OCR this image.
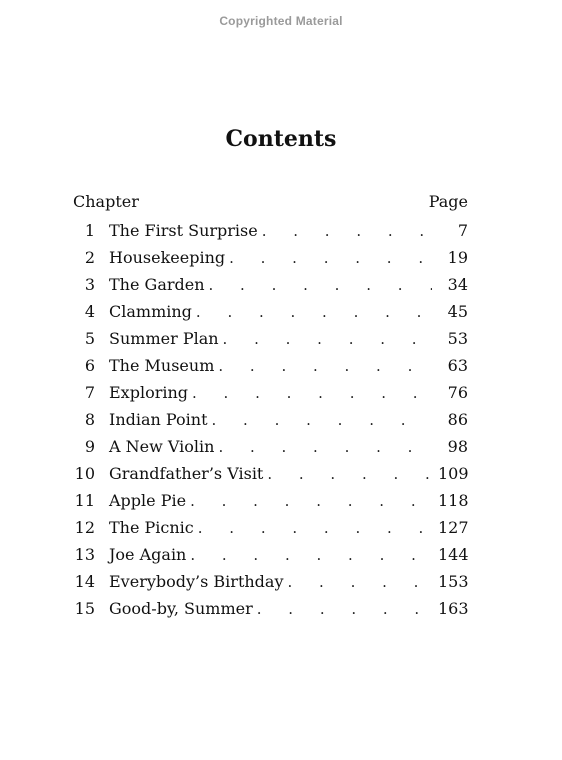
Copyrighted Material
Contents
Chapter	Page
1 The First Surprise . . .	7
2 Housekeeping . . .	19
3 The Garden . . .	34
4 Clamming . . .	45
5 Summer Plan . . .	53
6 The Museum . . .	63
7 Exploring . . .	76
8 Indian Point . . .	86
9 A New Violin . . .	98
10 Grandfather’s Visit . . .	109
11 Apple Pie . . .	118
12 The Picnic . . .	127
13 Joe Again . . .	144
14 Everybody’s Birthday . . .	153
15 Good-by, Summer . . .	163
